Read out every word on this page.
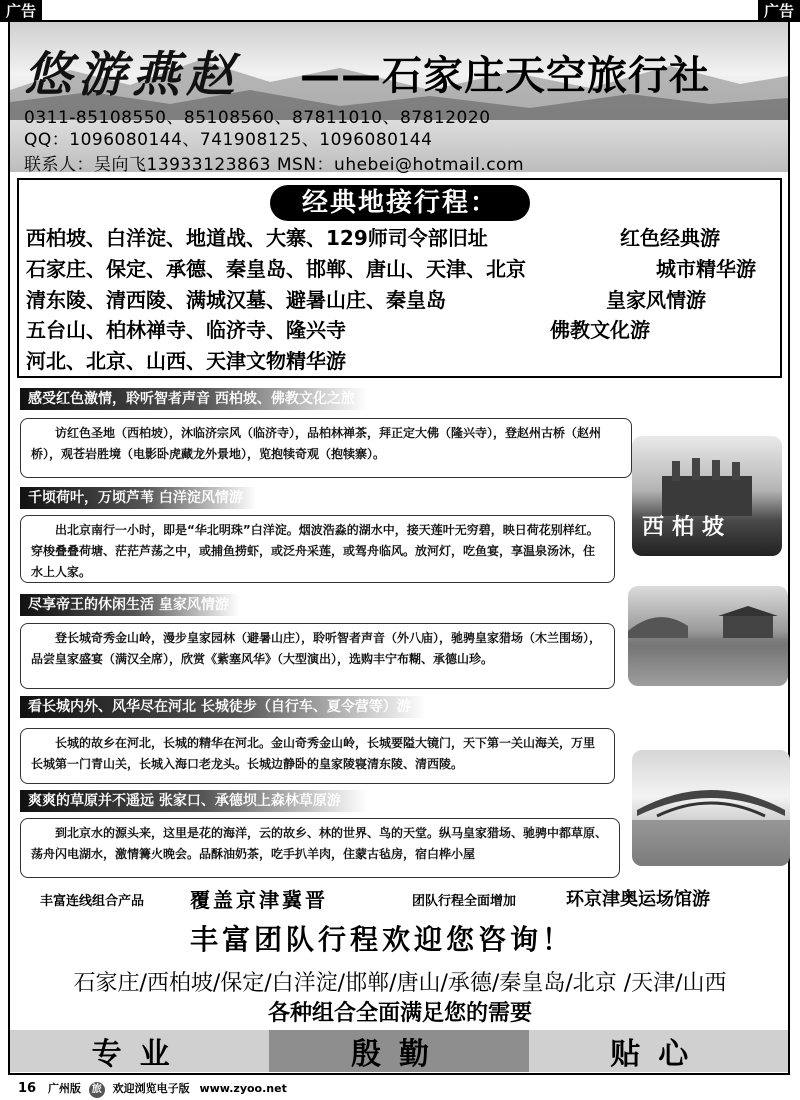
广告	广告
悠游燕赵 ——石家庄天空旅行社
0311-85108550、85108560、87811010、87812020
QQ：1096080144、741908125、1096080144
联系人：吴向飞13933123863 MSN：uhebei@hotmail.com
经典地接行程：
西柏坡、白洋淀、地道战、大寨、129师司令部旧址	红色经典游
石家庄、保定、承德、秦皇岛、邯郸、唐山、天津、北京	城市精华游
清东陵、清西陵、满城汉墓、避暑山庄、秦皇岛	皇家风情游
五台山、柏林禅寺、临济寺、隆兴寺	佛教文化游
河北、北京、山西、天津文物精华游
感受红色激情，聆听智者声音 西柏坡、佛教文化之旅
访红色圣地（西柏坡），沐临济宗风（临济寺），品柏林禅茶，拜正定大佛（隆兴寺），登赵州古桥（赵州桥），观苍岩胜境（电影卧虎藏龙外景地），览抱犊奇观（抱犊寨）。
千顷荷叶，万顷芦苇 白洋淀风情游
出北京南行一小时，即是“华北明珠”白洋淀。烟波浩淼的湖水中，接天莲叶无穷碧，映日荷花别样红。穿梭叠叠荷塘、茫茫芦荡之中，或捕鱼捞虾，或泛舟采莲，或驾舟临风。放河灯，吃鱼宴，享温泉汤沐，住水上人家。
尽享帝王的休闲生活 皇家风情游
登长城奇秀金山岭，漫步皇家园林（避暑山庄），聆听智者声音（外八庙），驰骋皇家猎场（木兰围场），品尝皇家盛宴（满汉全席），欣赏《紫塞风华》（大型演出），选购丰宁布糊、承德山珍。
看长城内外、风华尽在河北 长城徒步（自行车、夏令营等）游
长城的故乡在河北，长城的精华在河北。金山奇秀金山岭，长城要隘大镜门，天下第一关山海关，万里长城第一门青山关，长城入海口老龙头。长城边静卧的皇家陵寝清东陵、清西陵。
爽爽的草原并不遥远 张家口、承德坝上森林草原游
到北京水的源头来，这里是花的海洋，云的故乡、林的世界、鸟的天堂。纵马皇家猎场、驰骋中都草原、荡舟闪电湖水，激情篝火晚会。品酥油奶茶，吃手扒羊肉，住蒙古毡房，宿白桦小屋
西柏坡
丰富连线组合产品 覆盖京津冀晋	团队行程全面增加	环京津奥运场馆游
丰富团队行程欢迎您咨询！
石家庄/西柏坡/保定/白洋淀/邯郸/唐山/承德/秦皇岛/北京 /天津/山西
各种组合全面满足您的需要
专业	殷勤	贴心
16 广州版 旅 欢迎浏览电子版 www.zyoo.net
